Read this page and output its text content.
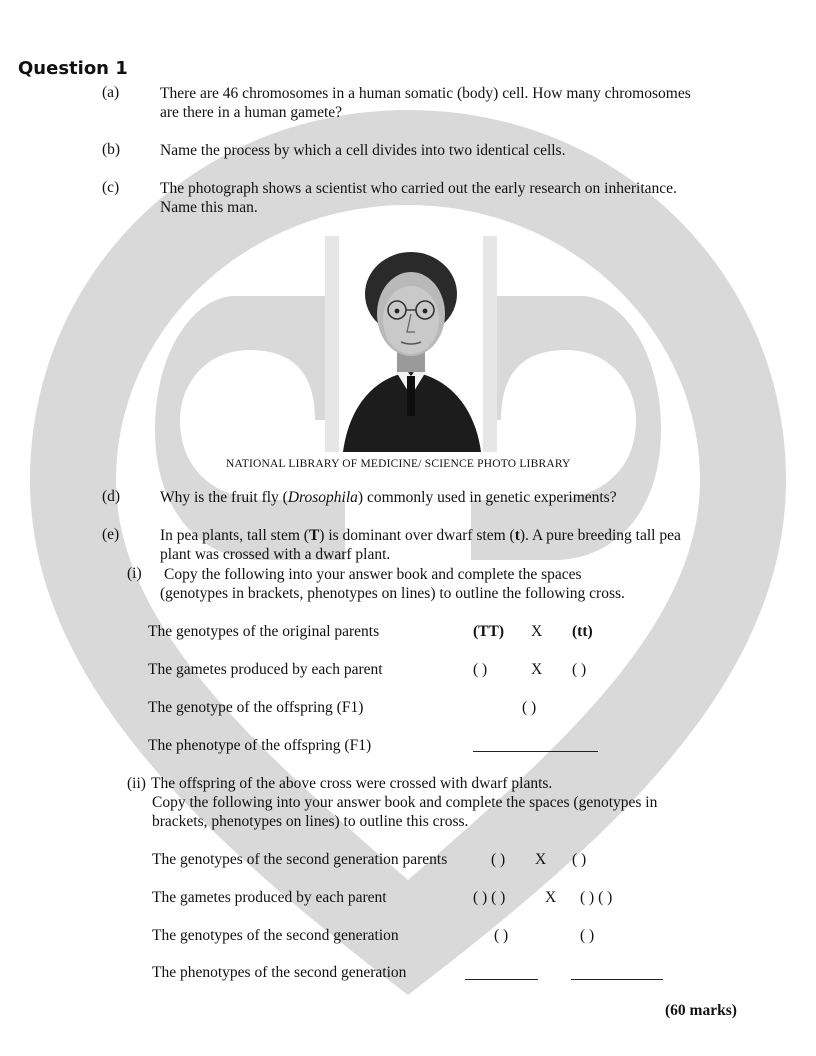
Question 1
(a)	There are 46 chromosomes in a human somatic (body) cell. How many chromosomes
are there in a human gamete?
(b)	Name the process by which a cell divides into two identical cells.
(c)	The photograph shows a scientist who carried out the early research on inheritance.
Name this man.
NATIONAL LIBRARY OF MEDICINE/ SCIENCE PHOTO LIBRARY
(d)	Why is the fruit fly (Drosophila) commonly used in genetic experiments?
(e)	In pea plants, tall stem (T) is dominant over dwarf stem (t). A pure breeding tall pea
plant was crossed with a dwarf plant.
(i) Copy the following into your answer book and complete the spaces
(genotypes in brackets, phenotypes on lines) to outline the following cross.
The genotypes of the original parents	(TT) X (tt)
The gametes produced by each parent	( )	X ( )
The genotype of the offspring (F1)	( )
The phenotype of the offspring (F1)
(ii) The offspring of the above cross were crossed with dwarf plants.
Copy the following into your answer book and complete the spaces (genotypes in
brackets, phenotypes on lines) to outline this cross.
The genotypes of the second generation parents	( ) X ( )
The gametes produced by each parent	( ) ( )	X ( ) ( )
The genotypes of the second generation	( )	( )
The phenotypes of the second generation
(60 marks)
